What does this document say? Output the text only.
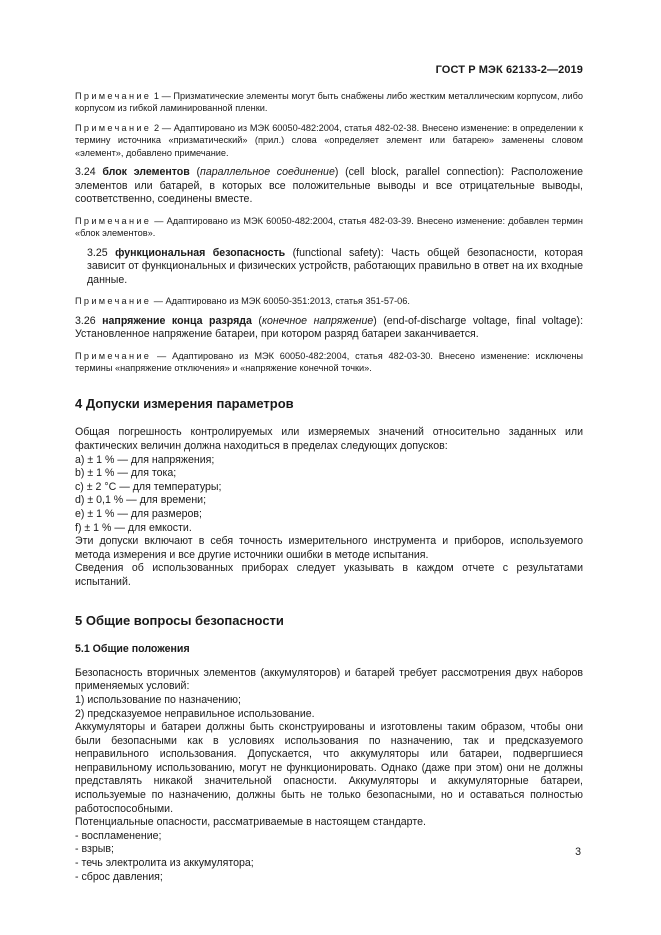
ГОСТ Р МЭК 62133-2—2019

Примечание 1 — Призматические элементы могут быть снабжены либо жестким металлическим корпусом, либо корпусом из гибкой ламинированной пленки.

Примечание 2 — Адаптировано из МЭК 60050-482:2004, статья 482-02-38. Внесено изменение: в определении к термину источника «призматический» (прил.) слова «определяет элемент или батарею» заменены словом «элемент», добавлено примечание.

3.24 блок элементов (параллельное соединение) (cell block, parallel connection): Расположение элементов или батарей, в которых все положительные выводы и все отрицательные выводы, соответственно, соединены вместе.

Примечание — Адаптировано из МЭК 60050-482:2004, статья 482-03-39. Внесено изменение: добавлен термин «блок элементов».

3.25 функциональная безопасность (functional safety): Часть общей безопасности, которая зависит от функциональных и физических устройств, работающих правильно в ответ на их входные данные.

Примечание — Адаптировано из МЭК 60050-351:2013, статья 351-57-06.

3.26 напряжение конца разряда (конечное напряжение) (end-of-discharge voltage, final voltage): Установленное напряжение батареи, при котором разряд батареи заканчивается.

Примечание — Адаптировано из МЭК 60050-482:2004, статья 482-03-30. Внесено изменение: исключены термины «напряжение отключения» и «напряжение конечной точки».

4 Допуски измерения параметров

Общая погрешность контролируемых или измеряемых значений относительно заданных или фактических величин должна находиться в пределах следующих допусков:

a) ± 1 % — для напряжения;
b) ± 1 % — для тока;
c) ± 2 °C — для температуры;
d) ± 0,1 % — для времени;
e) ± 1 % — для размеров;
f) ± 1 % — для емкости.

Эти допуски включают в себя точность измерительного инструмента и приборов, используемого метода измерения и все другие источники ошибки в методе испытания.

Сведения об использованных приборах следует указывать в каждом отчете с результатами испытаний.

5 Общие вопросы безопасности
5.1 Общие положения

Безопасность вторичных элементов (аккумуляторов) и батарей требует рассмотрения двух наборов применяемых условий:

1) использование по назначению;
2) предсказуемое неправильное использование.

Аккумуляторы и батареи должны быть сконструированы и изготовлены таким образом, чтобы они были безопасными как в условиях использования по назначению, так и предсказуемого неправильного использования. Допускается, что аккумуляторы или батареи, подвергшиеся неправильному использованию, могут не функционировать. Однако (даже при этом) они не должны представлять никакой значительной опасности. Аккумуляторы и аккумуляторные батареи, используемые по назначению, должны быть не только безопасными, но и оставаться полностью работоспособными.

Потенциальные опасности, рассматриваемые в настоящем стандарте.

- воспламенение;
- взрыв;
- течь электролита из аккумулятора;
- сброс давления;
3
